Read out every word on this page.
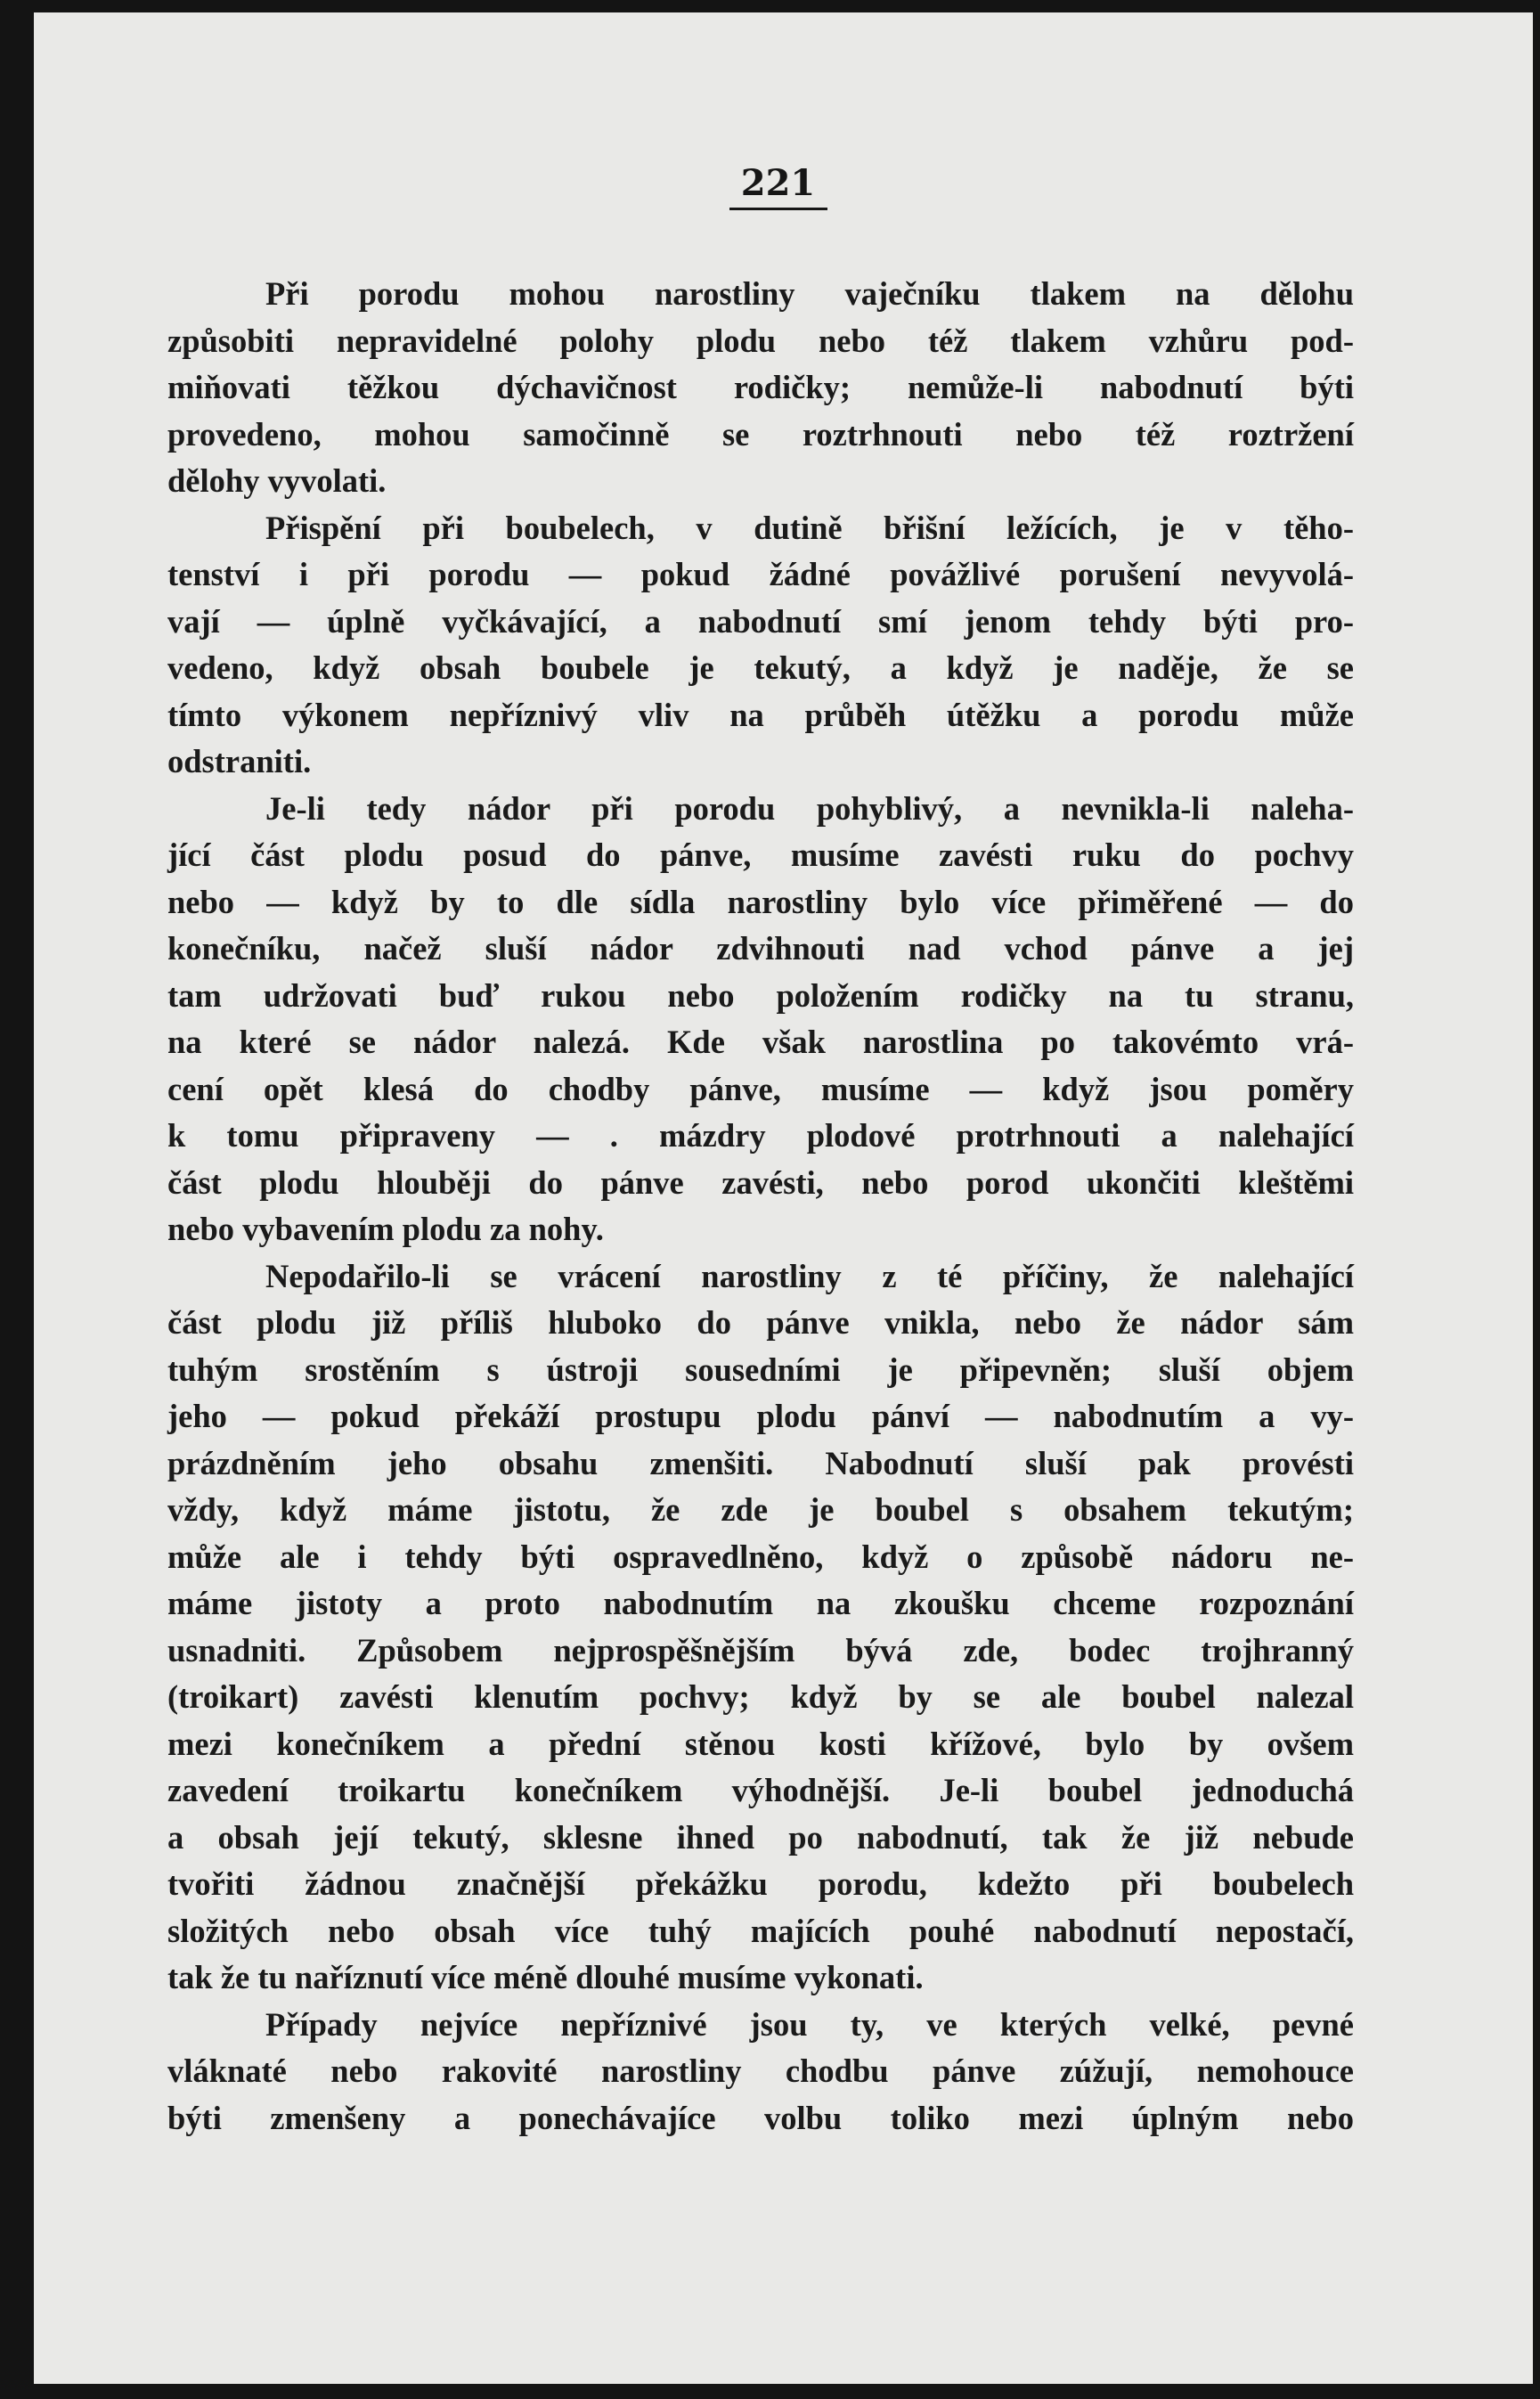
221

Při porodu mohou narostliny vaječníku tlakem na dělohu
způsobiti nepravidelné polohy plodu nebo též tlakem vzhůru pod-
miňovati těžkou dýchavičnost rodičky; nemůže-li nabodnutí býti
provedeno, mohou samočinně se roztrhnouti nebo též roztržení
dělohy vyvolati.

Přispění při boubelech, v dutině břišní ležících, je v těho-
tenství i při porodu — pokud žádné povážlivé porušení nevyvolá-
vají — úplně vyčkávající, a nabodnutí smí jenom tehdy býti pro-
vedeno, když obsah boubele je tekutý, a když je naděje, že se
tímto výkonem nepříznivý vliv na průběh útěžku a porodu může
odstraniti.

Je-li tedy nádor při porodu pohyblivý, a nevnikla-li naleha-
jící část plodu posud do pánve, musíme zavésti ruku do pochvy
nebo — když by to dle sídla narostliny bylo více přiměřené — do
konečníku, načež sluší nádor zdvihnouti nad vchod pánve a jej
tam udržovati buď rukou nebo položením rodičky na tu stranu,
na které se nádor nalezá. Kde však narostlina po takovémto vrá-
cení opět klesá do chodby pánve, musíme — když jsou poměry
k tomu připraveny — . mázdry plodové protrhnouti a nalehající
část plodu hlouběji do pánve zavésti, nebo porod ukončiti kleštěmi
nebo vybavením plodu za nohy.

Nepodařilo-li se vrácení narostliny z té příčiny, že nalehající
část plodu již příliš hluboko do pánve vnikla, nebo že nádor sám
tuhým srostěním s ústroji sousedními je připevněn; sluší objem
jeho — pokud překáží prostupu plodu pánví — nabodnutím a vy-
prázdněním jeho obsahu zmenšiti. Nabodnutí sluší pak provésti
vždy, když máme jistotu, že zde je boubel s obsahem tekutým;
může ale i tehdy býti ospravedlněno, když o způsobě nádoru ne-
máme jistoty a proto nabodnutím na zkoušku chceme rozpoznání
usnadniti. Způsobem nejprospěšnějším bývá zde, bodec trojhranný
(troikart) zavésti klenutím pochvy; když by se ale boubel nalezal
mezi konečníkem a přední stěnou kosti křížové, bylo by ovšem
zavedení troikartu konečníkem výhodnější. Je-li boubel jednoduchá
a obsah její tekutý, sklesne ihned po nabodnutí, tak že již nebude
tvořiti žádnou značnější překážku porodu, kdežto při boubelech
složitých nebo obsah více tuhý majících pouhé nabodnutí nepostačí,
tak že tu naříznutí více méně dlouhé musíme vykonati.

Případy nejvíce nepříznivé jsou ty, ve kterých velké, pevné
vláknaté nebo rakovité narostliny chodbu pánve zúžují, nemohouce
býti zmenšeny a ponechávajíce volbu toliko mezi úplným nebo
